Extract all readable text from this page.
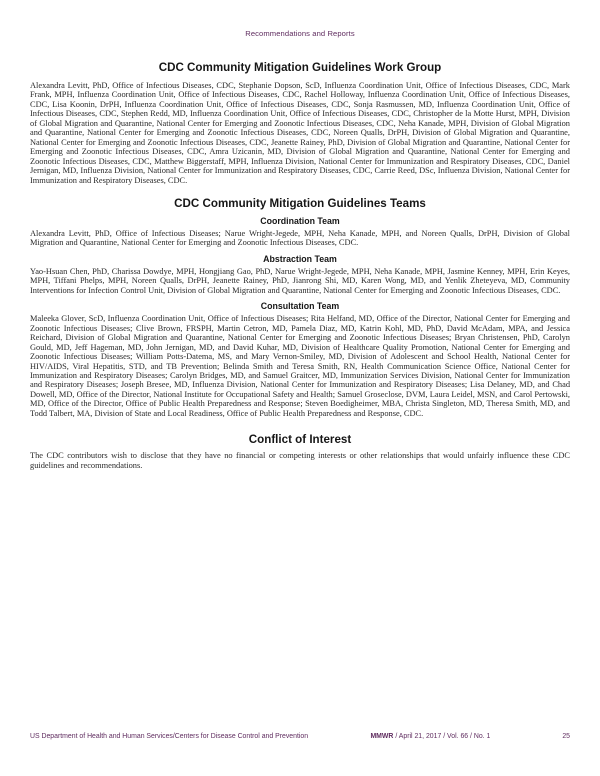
Recommendations and Reports
CDC Community Mitigation Guidelines Work Group

Alexandra Levitt, PhD, Office of Infectious Diseases, CDC, Stephanie Dopson, ScD, Influenza Coordination Unit, Office of Infectious Diseases, CDC, Mark Frank, MPH, Influenza Coordination Unit, Office of Infectious Diseases, CDC, Rachel Holloway, Influenza Coordination Unit, Office of Infectious Diseases, CDC, Lisa Koonin, DrPH, Influenza Coordination Unit, Office of Infectious Diseases, CDC, Sonja Rasmussen, MD, Influenza Coordination Unit, Office of Infectious Diseases, CDC, Stephen Redd, MD, Influenza Coordination Unit, Office of Infectious Diseases, CDC, Christopher de la Motte Hurst, MPH, Division of Global Migration and Quarantine, National Center for Emerging and Zoonotic Infectious Diseases, CDC, Neha Kanade, MPH, Division of Global Migration and Quarantine, National Center for Emerging and Zoonotic Infectious Diseases, CDC, Noreen Qualls, DrPH, Division of Global Migration and Quarantine, National Center for Emerging and Zoonotic Infectious Diseases, CDC, Jeanette Rainey, PhD, Division of Global Migration and Quarantine, National Center for Emerging and Zoonotic Infectious Diseases, CDC, Amra Uzicanin, MD, Division of Global Migration and Quarantine, National Center for Emerging and Zoonotic Infectious Diseases, CDC, Matthew Biggerstaff, MPH, Influenza Division, National Center for Immunization and Respiratory Diseases, CDC, Daniel Jernigan, MD, Influenza Division, National Center for Immunization and Respiratory Diseases, CDC, Carrie Reed, DSc, Influenza Division, National Center for Immunization and Respiratory Diseases, CDC.

CDC Community Mitigation Guidelines Teams
Coordination Team

Alexandra Levitt, PhD, Office of Infectious Diseases; Narue Wright-Jegede, MPH, Neha Kanade, MPH, and Noreen Qualls, DrPH, Division of Global Migration and Quarantine, National Center for Emerging and Zoonotic Infectious Diseases, CDC.

Abstraction Team

Yao-Hsuan Chen, PhD, Charissa Dowdye, MPH, Hongjiang Gao, PhD, Narue Wright-Jegede, MPH, Neha Kanade, MPH, Jasmine Kenney, MPH, Erin Keyes, MPH, Tiffani Phelps, MPH, Noreen Qualls, DrPH, Jeanette Rainey, PhD, Jianrong Shi, MD, Karen Wong, MD, and Yenlik Zheteyeva, MD, Community Interventions for Infection Control Unit, Division of Global Migration and Quarantine, National Center for Emerging and Zoonotic Infectious Diseases, CDC.

Consultation Team

Maleeka Glover, ScD, Influenza Coordination Unit, Office of Infectious Diseases; Rita Helfand, MD, Office of the Director, National Center for Emerging and Zoonotic Infectious Diseases; Clive Brown, FRSPH, Martin Cetron, MD, Pamela Diaz, MD, Katrin Kohl, MD, PhD, David McAdam, MPA, and Jessica Reichard, Division of Global Migration and Quarantine, National Center for Emerging and Zoonotic Infectious Diseases; Bryan Christensen, PhD, Carolyn Gould, MD, Jeff Hageman, MD, John Jernigan, MD, and David Kuhar, MD, Division of Healthcare Quality Promotion, National Center for Emerging and Zoonotic Infectious Diseases; William Potts-Datema, MS, and Mary Vernon-Smiley, MD, Division of Adolescent and School Health, National Center for HIV/AIDS, Viral Hepatitis, STD, and TB Prevention; Belinda Smith and Teresa Smith, RN, Health Communication Science Office, National Center for Immunization and Respiratory Diseases; Carolyn Bridges, MD, and Samuel Graitcer, MD, Immunization Services Division, National Center for Immunization and Respiratory Diseases; Joseph Bresee, MD, Influenza Division, National Center for Immunization and Respiratory Diseases; Lisa Delaney, MD, and Chad Dowell, MD, Office of the Director, National Institute for Occupational Safety and Health; Samuel Groseclose, DVM, Laura Leidel, MSN, and Carol Pertowski, MD, Office of the Director, Office of Public Health Preparedness and Response; Steven Boedigheimer, MBA, Christa Singleton, MD, Theresa Smith, MD, and Todd Talbert, MA, Division of State and Local Readiness, Office of Public Health Preparedness and Response, CDC.

Conflict of Interest

The CDC contributors wish to disclose that they have no financial or competing interests or other relationships that would unfairly influence these CDC guidelines and recommendations.

US Department of Health and Human Services/Centers for Disease Control and Prevention	MMWR / April 21, 2017 / Vol. 66 / No. 1	25
